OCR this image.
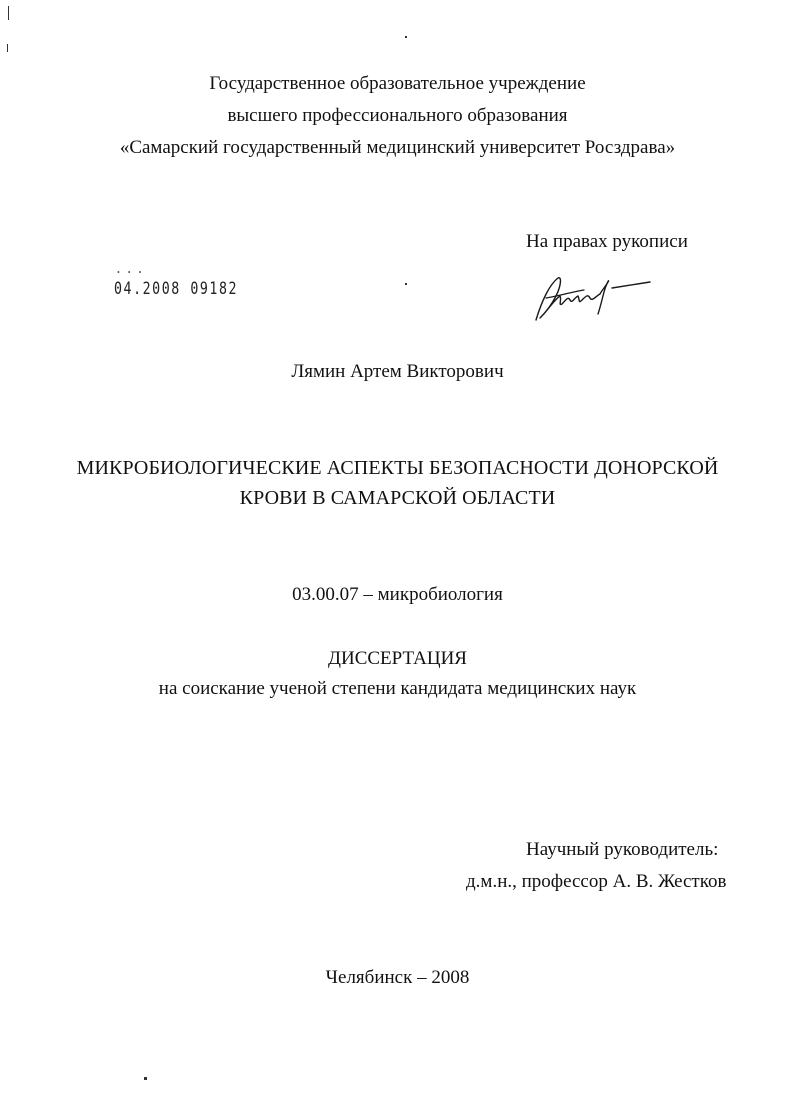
Государственное образовательное учреждение
высшего профессионального образования
«Самарский государственный медицинский университет Росздрава»
На правах рукописи
• • •
04.2008 09182
Лямин Артем Викторович
МИКРОБИОЛОГИЧЕСКИЕ АСПЕКТЫ БЕЗОПАСНОСТИ ДОНОРСКОЙ
КРОВИ В САМАРСКОЙ ОБЛАСТИ
03.00.07 – микробиология
ДИССЕРТАЦИЯ
на соискание ученой степени кандидата медицинских наук
Научный руководитель:
д.м.н., профессор А. В. Жестков
Челябинск – 2008
